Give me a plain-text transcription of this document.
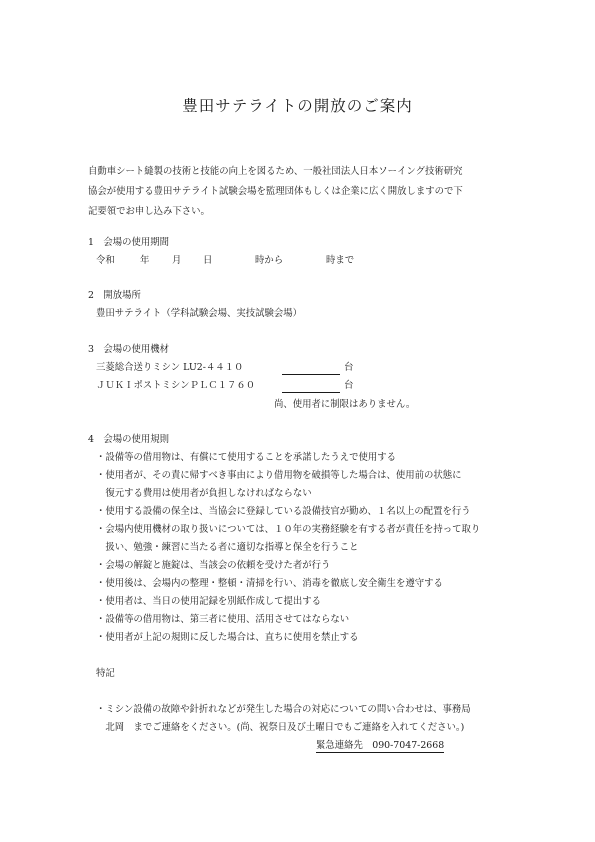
豊田サテライトの開放のご案内
自動車シート縫製の技術と技能の向上を図るため、一般社団法人日本ソーイング技術研究
協会が使用する豊田サテライト試験会場を監理団体もしくは企業に広く開放しますので下
記要領でお申し込み下さい。
1　会場の使用期間
令和	年 月 日	時から	時まで
2　開放場所
豊田サテライト（学科試験会場、実技試験会場）
3　会場の使用機材
三菱総合送りミシン LU2-４４１０	台
ＪＵＫＩポストミシンＰＬＣ１７６０	台
尚、使用者に制限はありません。
4　会場の使用規則
・設備等の借用物は、有償にて使用することを承諾したうえで使用する
・使用者が、その責に帰すべき事由により借用物を破損等した場合は、使用前の状態に
　復元する費用は使用者が負担しなければならない
・使用する設備の保全は、当協会に登録している設備技官が勤め、１名以上の配置を行う
・会場内使用機材の取り扱いについては、１０年の実務経験を有する者が責任を持って取り
　扱い、勉強・練習に当たる者に適切な指導と保全を行うこと
・会場の解錠と施錠は、当該会の依頼を受けた者が行う
・使用後は、会場内の整理・整頓・清掃を行い、消毒を徹底し安全衛生を遵守する
・使用者は、当日の使用記録を別紙作成して提出する
・設備等の借用物は、第三者に使用、活用させてはならない
・使用者が上記の規則に反した場合は、直ちに使用を禁止する
特記
・ミシン設備の故障や針折れなどが発生した場合の対応についての問い合わせは、事務局
　北岡　までご連絡をください。(尚、祝祭日及び土曜日でもご連絡を入れてください。)
緊急連絡先　090-7047-2668
